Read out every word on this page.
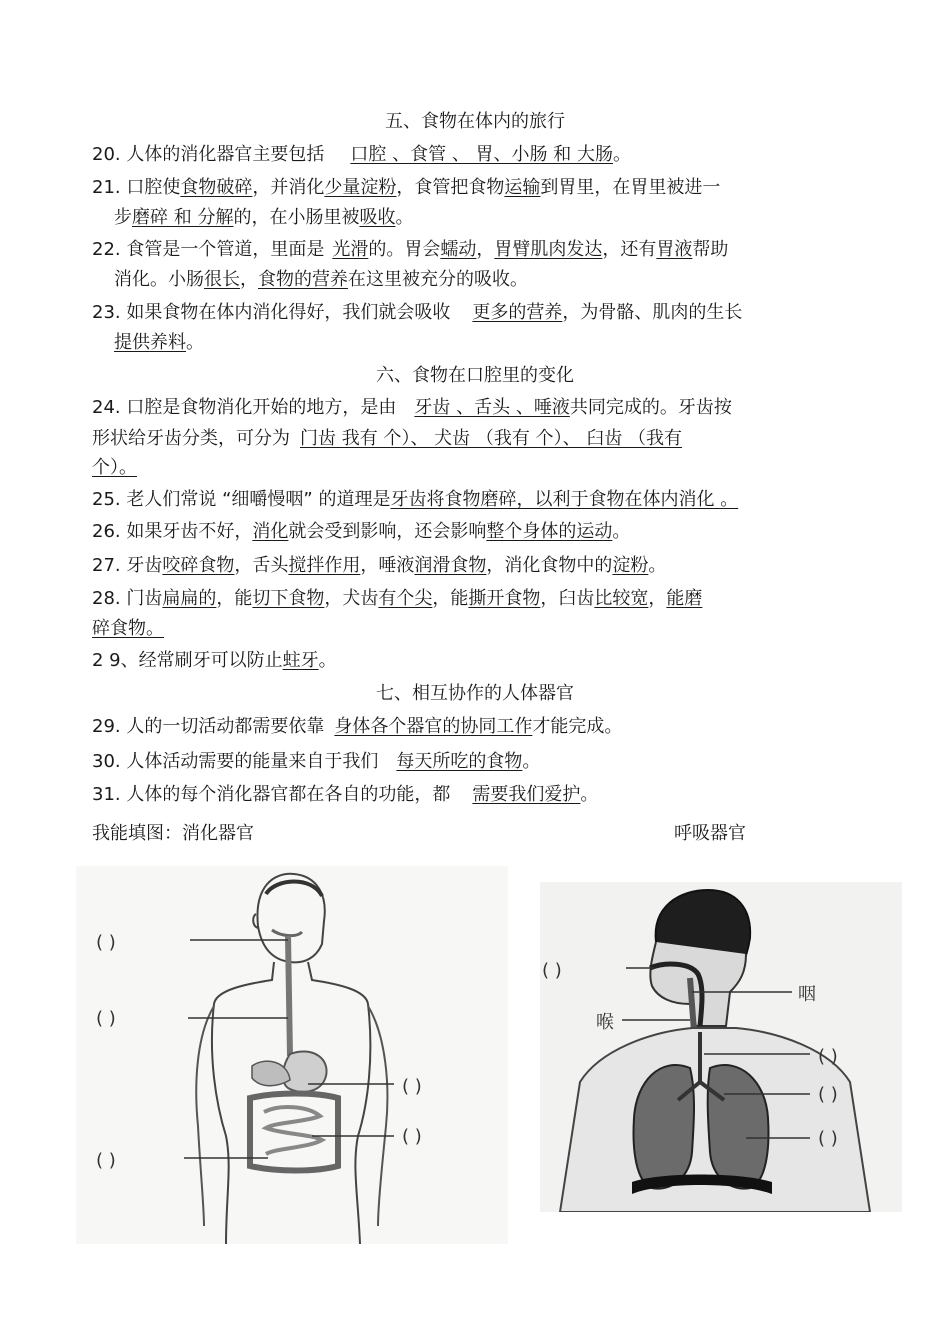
五、食物在体内的旅行
20. 人体的消化器官主要包括 口腔 、食管 、 胃、小肠 和 大肠。
21. 口腔使食物破碎，并消化少量淀粉，食管把食物运输到胃里，在胃里被进一
步磨碎 和 分解的，在小肠里被吸收。
22. 食管是一个管道，里面是 光滑的。胃会蠕动，胃臂肌肉发达，还有胃液帮助
消化。小肠很长，食物的营养在这里被充分的吸收。
23. 如果食物在体内消化得好，我们就会吸收 更多的营养，为骨骼、肌肉的生长
提供养料。
六、食物在口腔里的变化
24. 口腔是食物消化开始的地方，是由 牙齿 、舌头 、唾液共同完成的。牙齿按
形状给牙齿分类，可分为 门齿 我有 个）、 犬齿 （我有 个）、 臼齿 （我有
个）。
25. 老人们常说 “细嚼慢咽” 的道理是牙齿将食物磨碎，以利于食物在体内消化 。
26. 如果牙齿不好，消化就会受到影响，还会影响整个身体的运动。
27. 牙齿咬碎食物，舌头搅拌作用，唾液润滑食物，消化食物中的淀粉。
28. 门齿扁扁的，能切下食物，犬齿有个尖，能撕开食物，臼齿比较宽，能磨
碎食物。
2 9、经常刷牙可以防止蛀牙。
七、相互协作的人体器官
29. 人的一切活动都需要依靠 身体各个器官的协同工作才能完成。
30. 人体活动需要的能量来自于我们 每天所吃的食物。
31. 人体的每个消化器官都在各自的功能，都 需要我们爱护。
我能填图：消化器官	呼吸器官
( )
( )
( )
( )
( )
( )
咽
喉
( )
( )
( )
